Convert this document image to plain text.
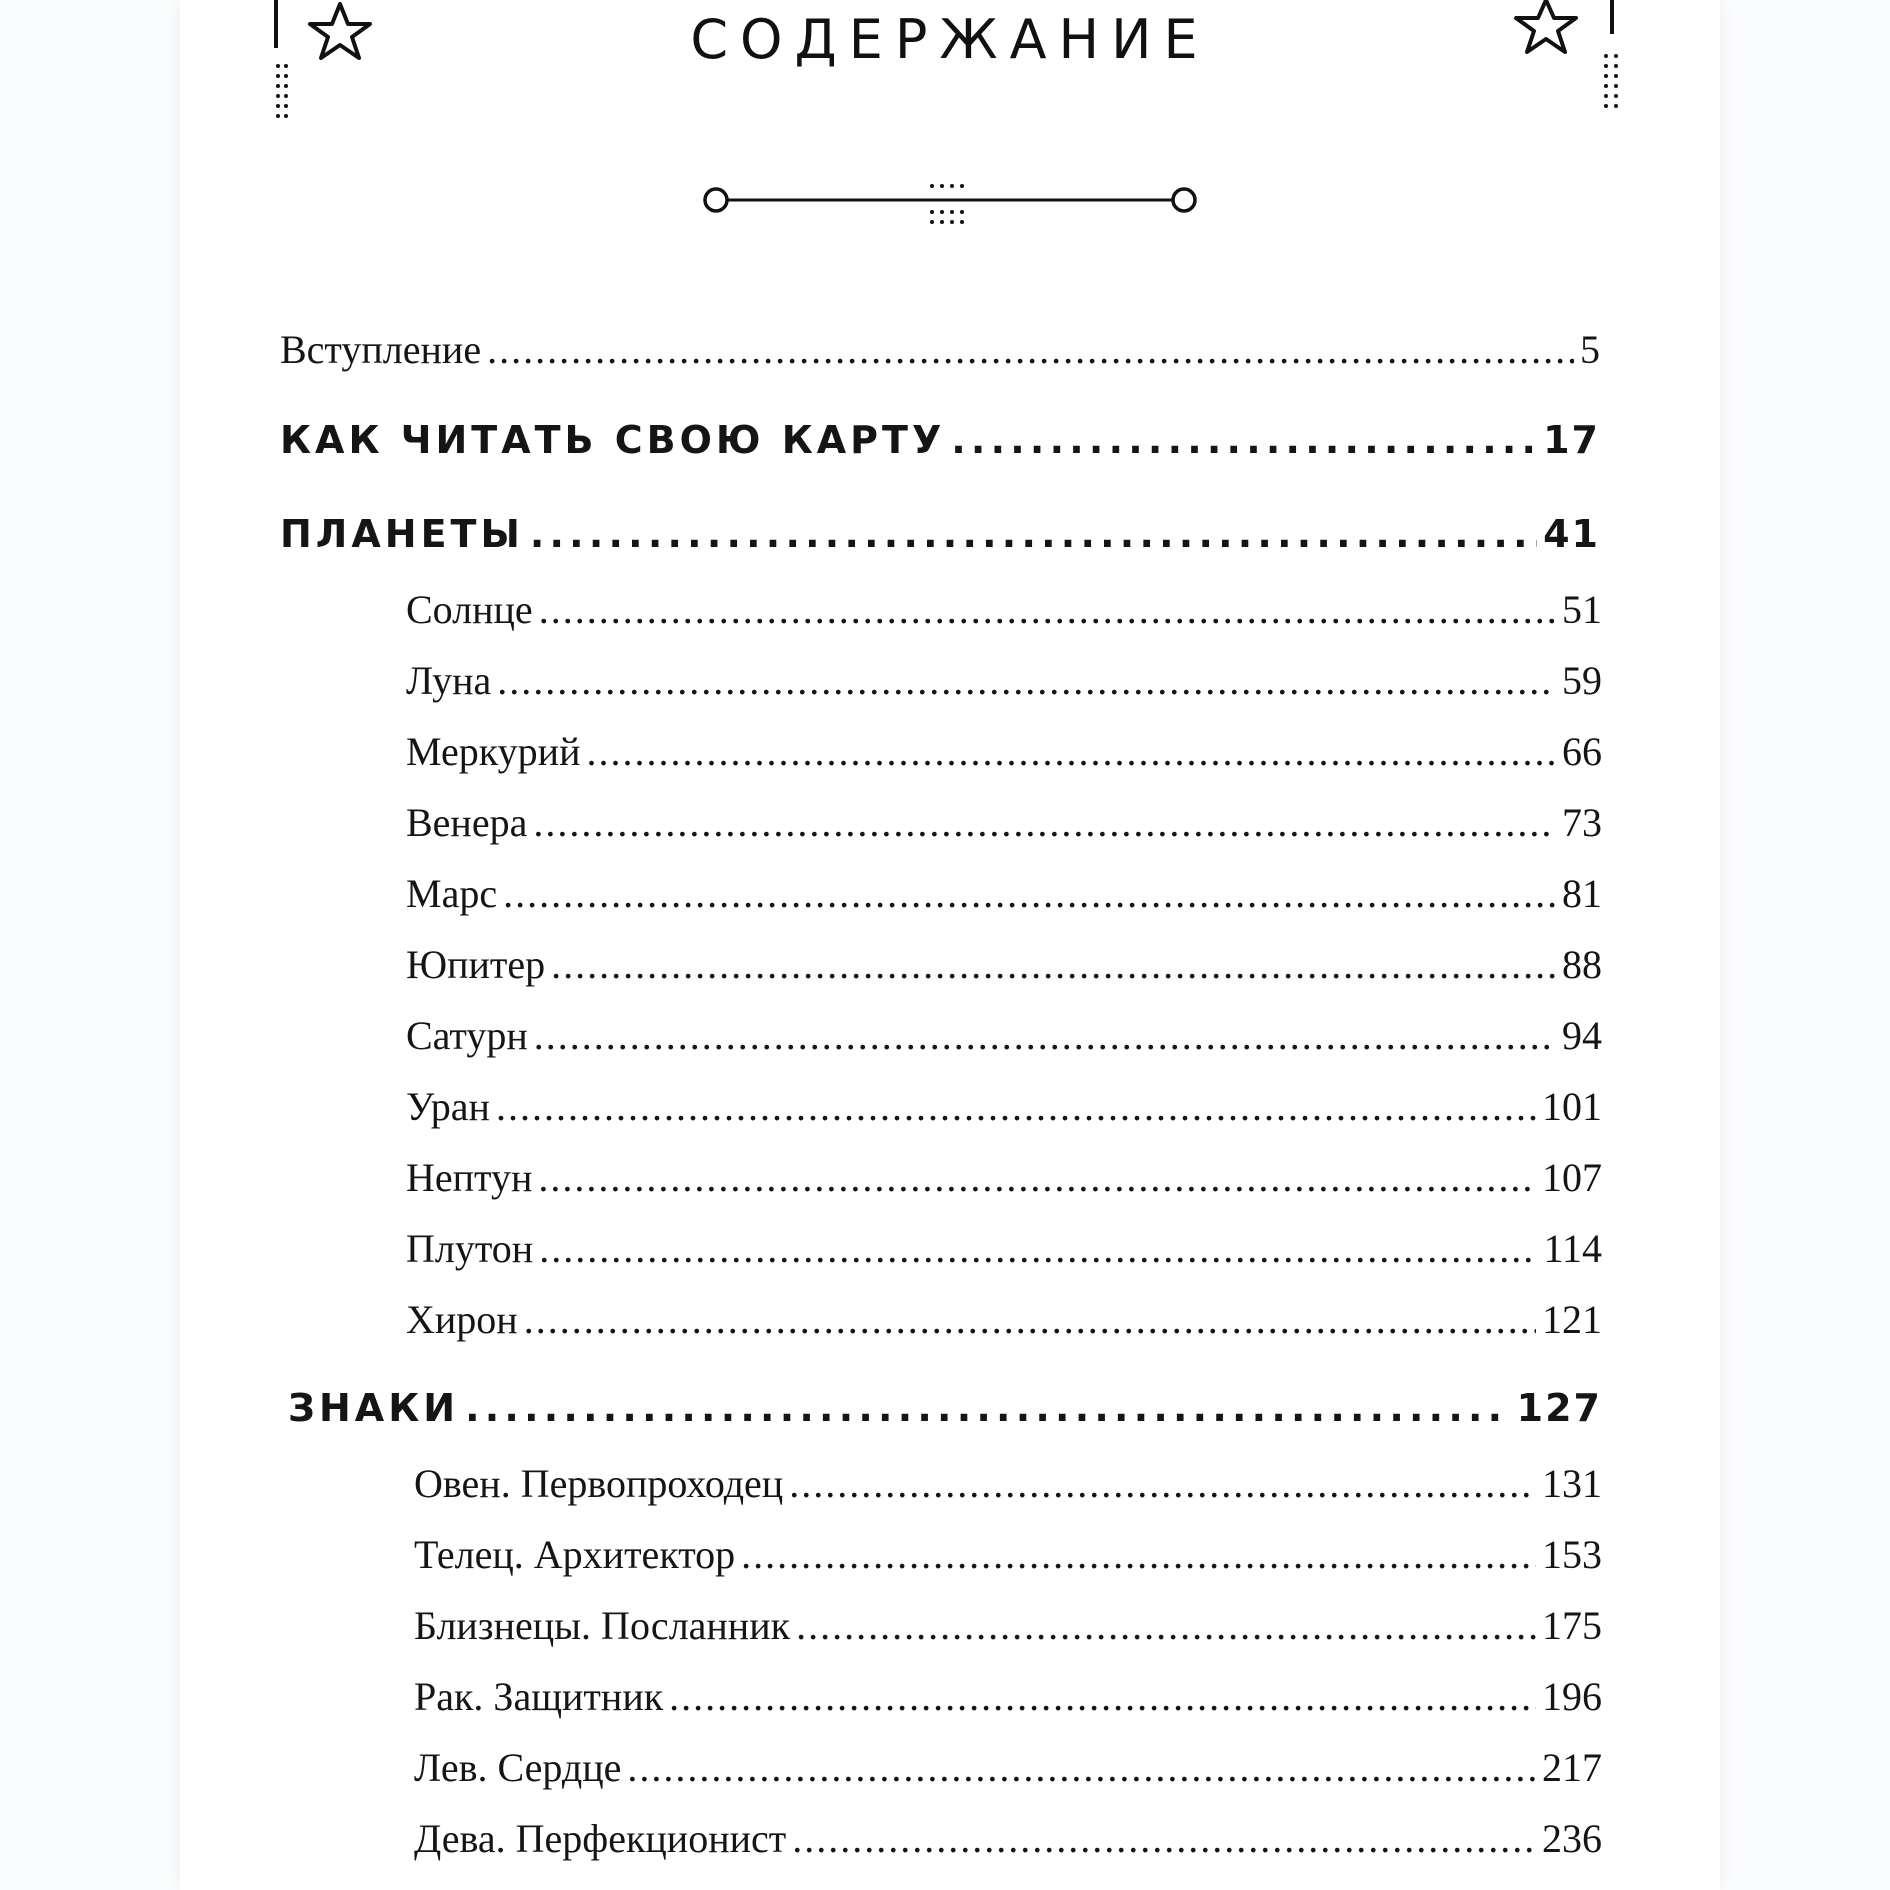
СОДЕРЖАНИЕ
Вступление . . .	5
КАК ЧИТАТЬ СВОЮ КАРТУ . . .	17
ПЛАНЕТЫ . . .	41
Солнце . . .	51
Луна . . .	59
Меркурий . . .	66
Венера . . .	73
Марс . . .	81
Юпитер . . .	88
Сатурн . . .	94
Уран . . .	101
Нептун . . .	107
Плутон . . .	114
Хирон . . .	121
ЗНАКИ . . .	127
Овен. Первопроходец . . .	131
Телец. Архитектор . . .	153
Близнецы. Посланник . . .	175
Рак. Защитник . . .	196
Лев. Сердце . . .	217
Дева. Перфекционист . . .	236
